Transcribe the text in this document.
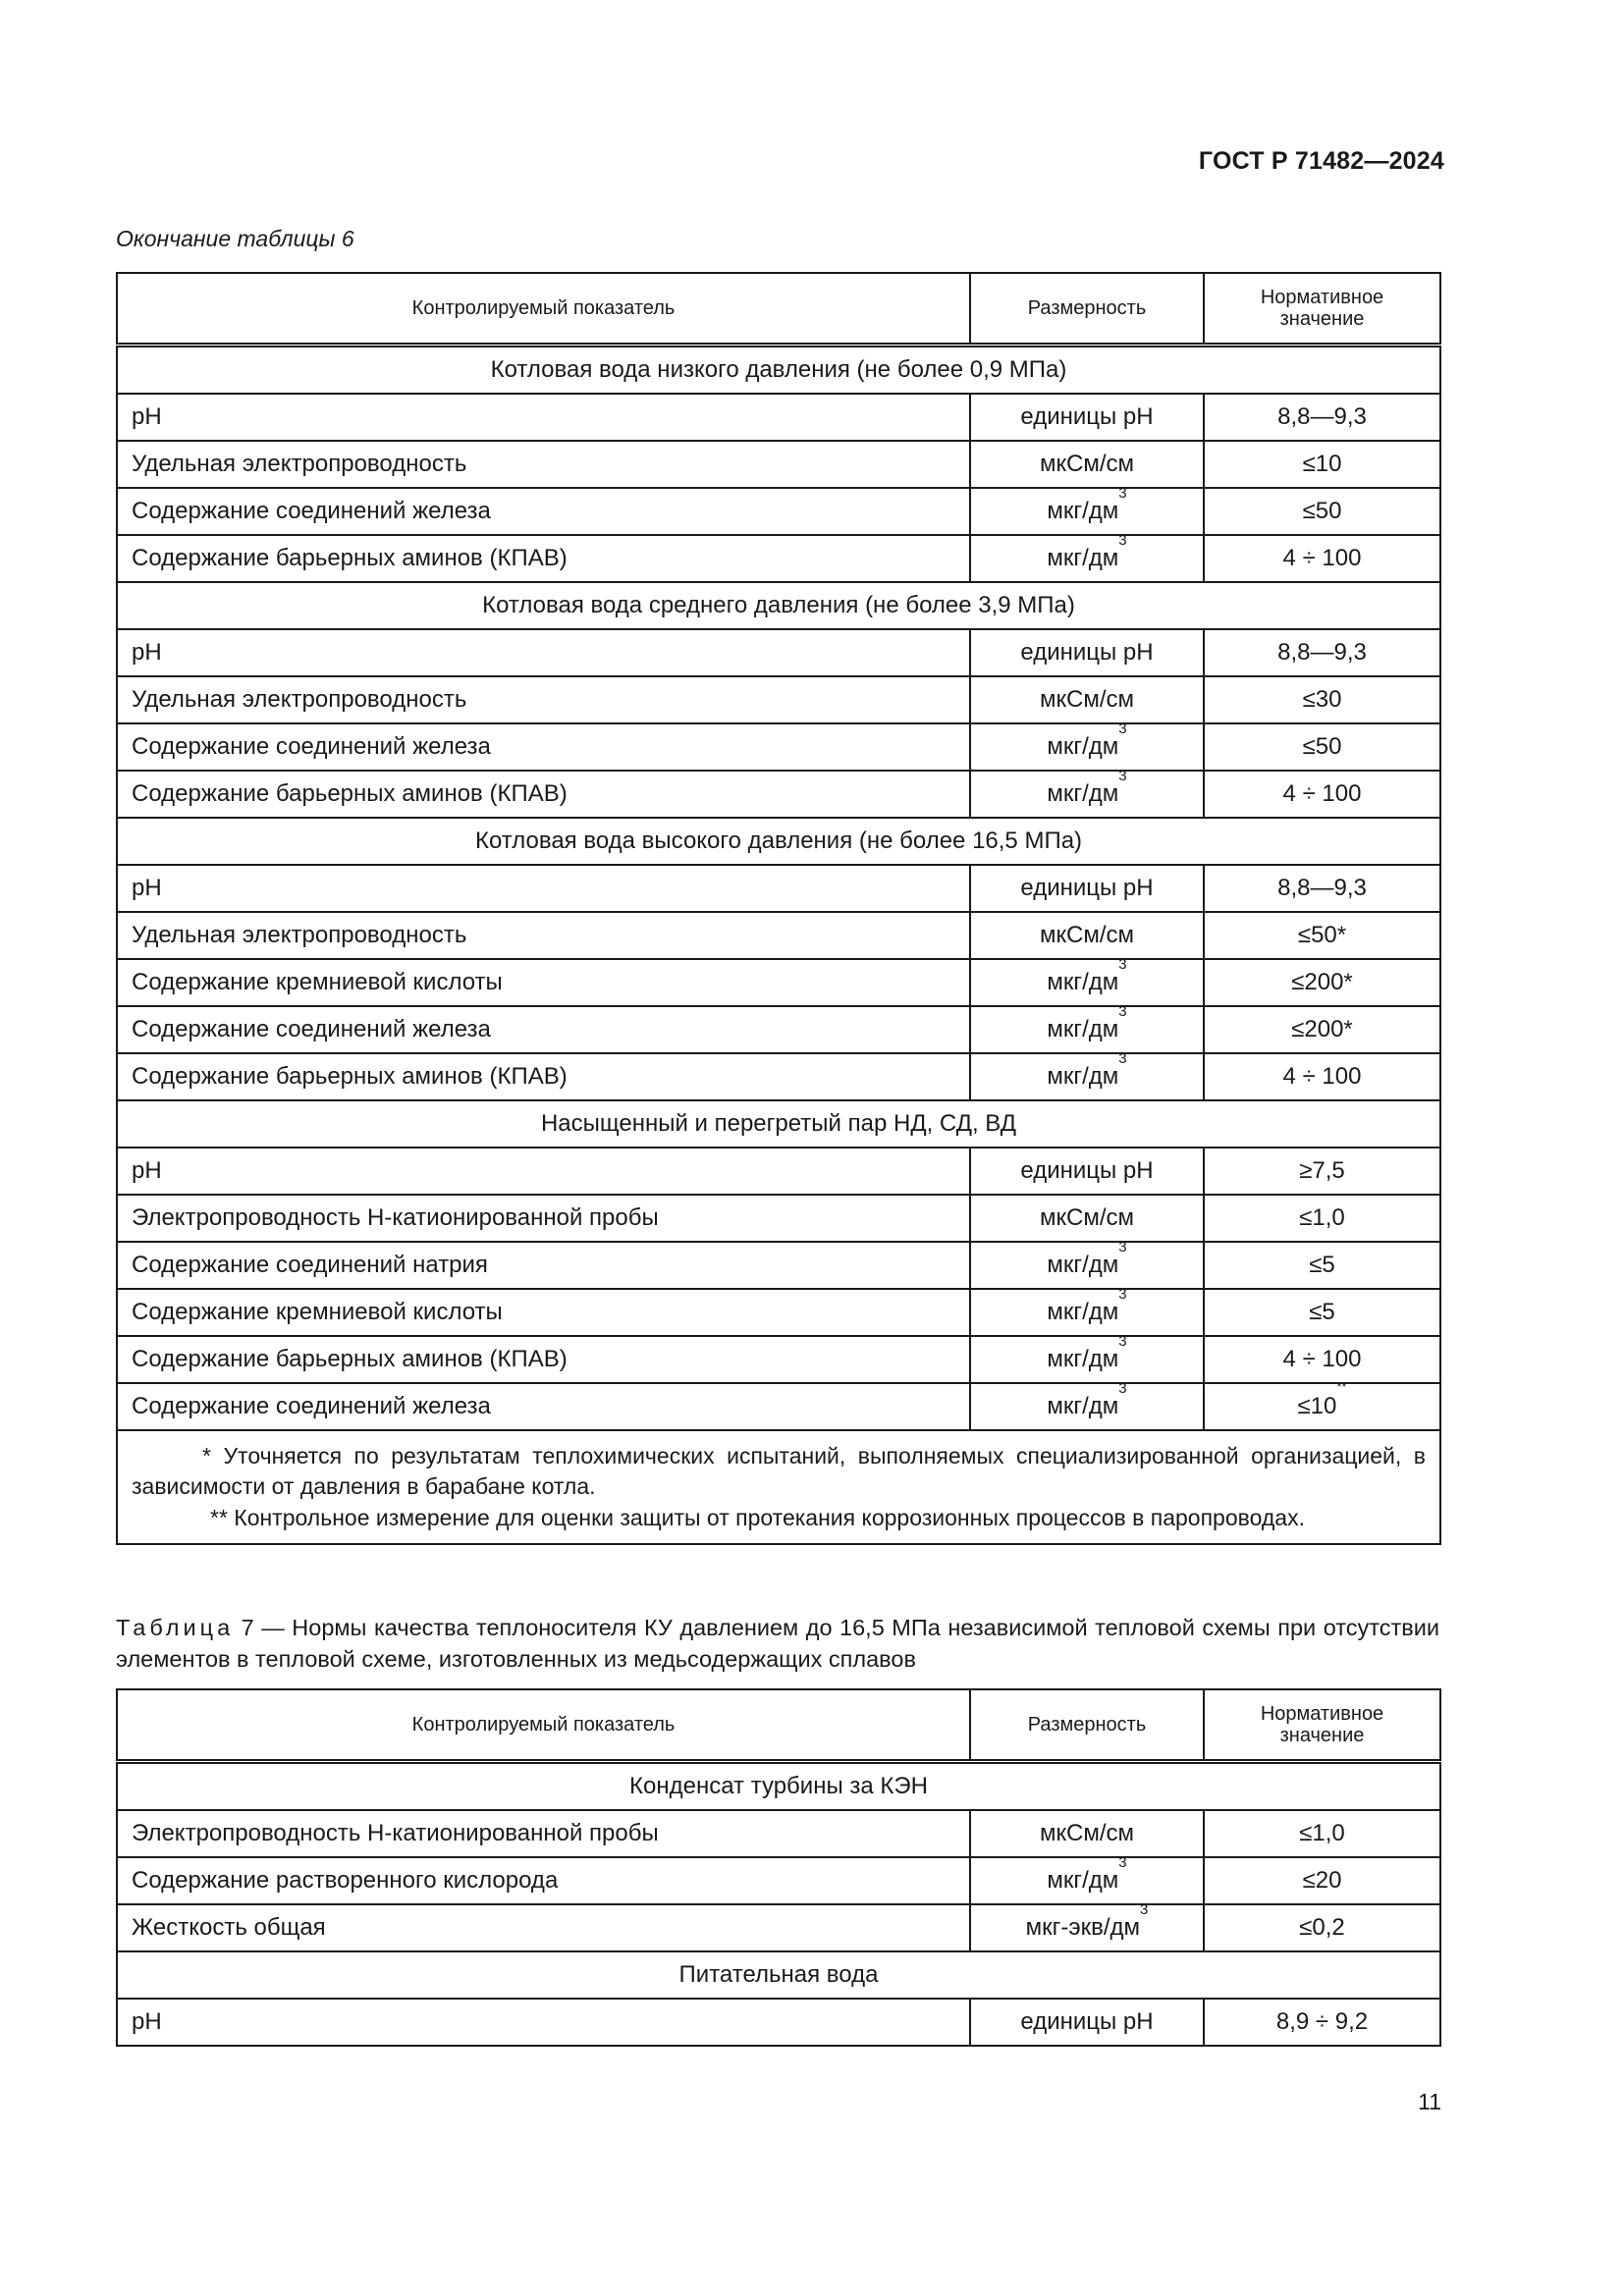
ГОСТ Р 71482—2024
Окончание таблицы 6
Контролируемый показатель	Размерность	Нормативное значение
Котловая вода низкого давления (не более 0,9 МПа)		
pH	единицы pH	8,8—9,3
Удельная электропроводность	мкСм/см	≤10
Содержание соединений железа	мкг/$дм^3$	≤50
Содержание барьерных аминов (КПАВ)	мкг/$дм^3$	4 ÷ 100
Котловая вода среднего давления (не более 3,9 МПа)		
pH	единицы pH	8,8—9,3
Удельная электропроводность	мкСм/см	≤30
Содержание соединений железа	мкг/$дм^3$	≤50
Содержание барьерных аминов (КПАВ)	мкг/$дм^3$	4 ÷ 100
Котловая вода высокого давления (не более 16,5 МПа)		
pH	единицы pH	8,8—9,3
Удельная электропроводность	мкСм/см	≤50*
Содержание кремниевой кислоты	мкг/$дм^3$	≤200*
Содержание соединений железа	мкг/$дм^3$	≤200*
Содержание барьерных аминов (КПАВ)	мкг/$дм^3$	4 ÷ 100
Насыщенный и перегретый пар НД, СД, ВД		
pH	единицы pH	≥7,5
Электропроводность Н-катионированной пробы	мкСм/см	≤1,0
Содержание соединений натрия	мкг/$дм^3$	≤5
Содержание кремниевой кислоты	мкг/$дм^3$	≤5
Содержание барьерных аминов (КПАВ)	мкг/$дм^3$	4 ÷ 100
Содержание соединений железа	мкг/$дм^3$	≤10**

* Уточняется по результатам теплохимических испытаний, выполняемых специализированной организацией, в зависимости от давления в барабане котла.

** Контрольное измерение для оценки защиты от протекания коррозионных процессов в паропроводах.		

Таблица 7 — Нормы качества теплоносителя КУ давлением до 16,5 МПа независимой тепловой схемы при отсутствии элементов в тепловой схеме, изготовленных из медьсодержащих сплавов
Контролируемый показатель	Размерность	Нормативное значение
Конденсат турбины за КЭН		
Электропроводность Н-катионированной пробы	мкСм/см	≤1,0
Содержание растворенного кислорода	мкг/$дм^3$	≤20
Жесткость общая	мкг-$экв/дм^3$	≤0,2
Питательная вода		
pH	единицы pH	8,9 ÷ 9,2
11
